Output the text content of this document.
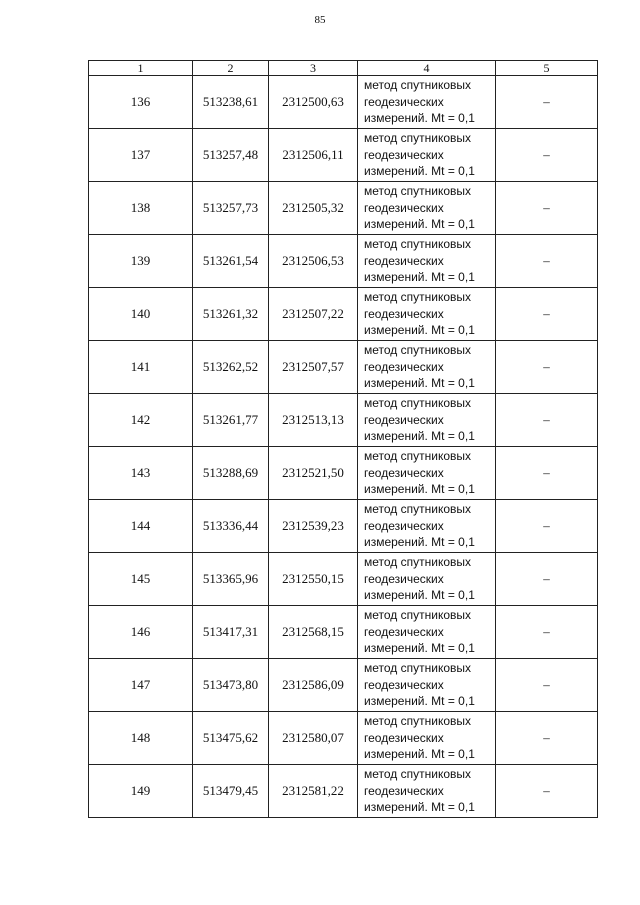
85
1	2	3	4	5
136	513238,61	2312500,63	метод спутниковых
геодезических
измерений. Mt = 0,1	–
137	513257,48	2312506,11	метод спутниковых
геодезических
измерений. Mt = 0,1	–
138	513257,73	2312505,32	метод спутниковых
геодезических
измерений. Mt = 0,1	–
139	513261,54	2312506,53	метод спутниковых
геодезических
измерений. Mt = 0,1	–
140	513261,32	2312507,22	метод спутниковых
геодезических
измерений. Mt = 0,1	–
141	513262,52	2312507,57	метод спутниковых
геодезических
измерений. Mt = 0,1	–
142	513261,77	2312513,13	метод спутниковых
геодезических
измерений. Mt = 0,1	–
143	513288,69	2312521,50	метод спутниковых
геодезических
измерений. Mt = 0,1	–
144	513336,44	2312539,23	метод спутниковых
геодезических
измерений. Mt = 0,1	–
145	513365,96	2312550,15	метод спутниковых
геодезических
измерений. Mt = 0,1	–
146	513417,31	2312568,15	метод спутниковых
геодезических
измерений. Mt = 0,1	–
147	513473,80	2312586,09	метод спутниковых
геодезических
измерений. Mt = 0,1	–
148	513475,62	2312580,07	метод спутниковых
геодезических
измерений. Mt = 0,1	–
149	513479,45	2312581,22	метод спутниковых
геодезических
измерений. Mt = 0,1	–
